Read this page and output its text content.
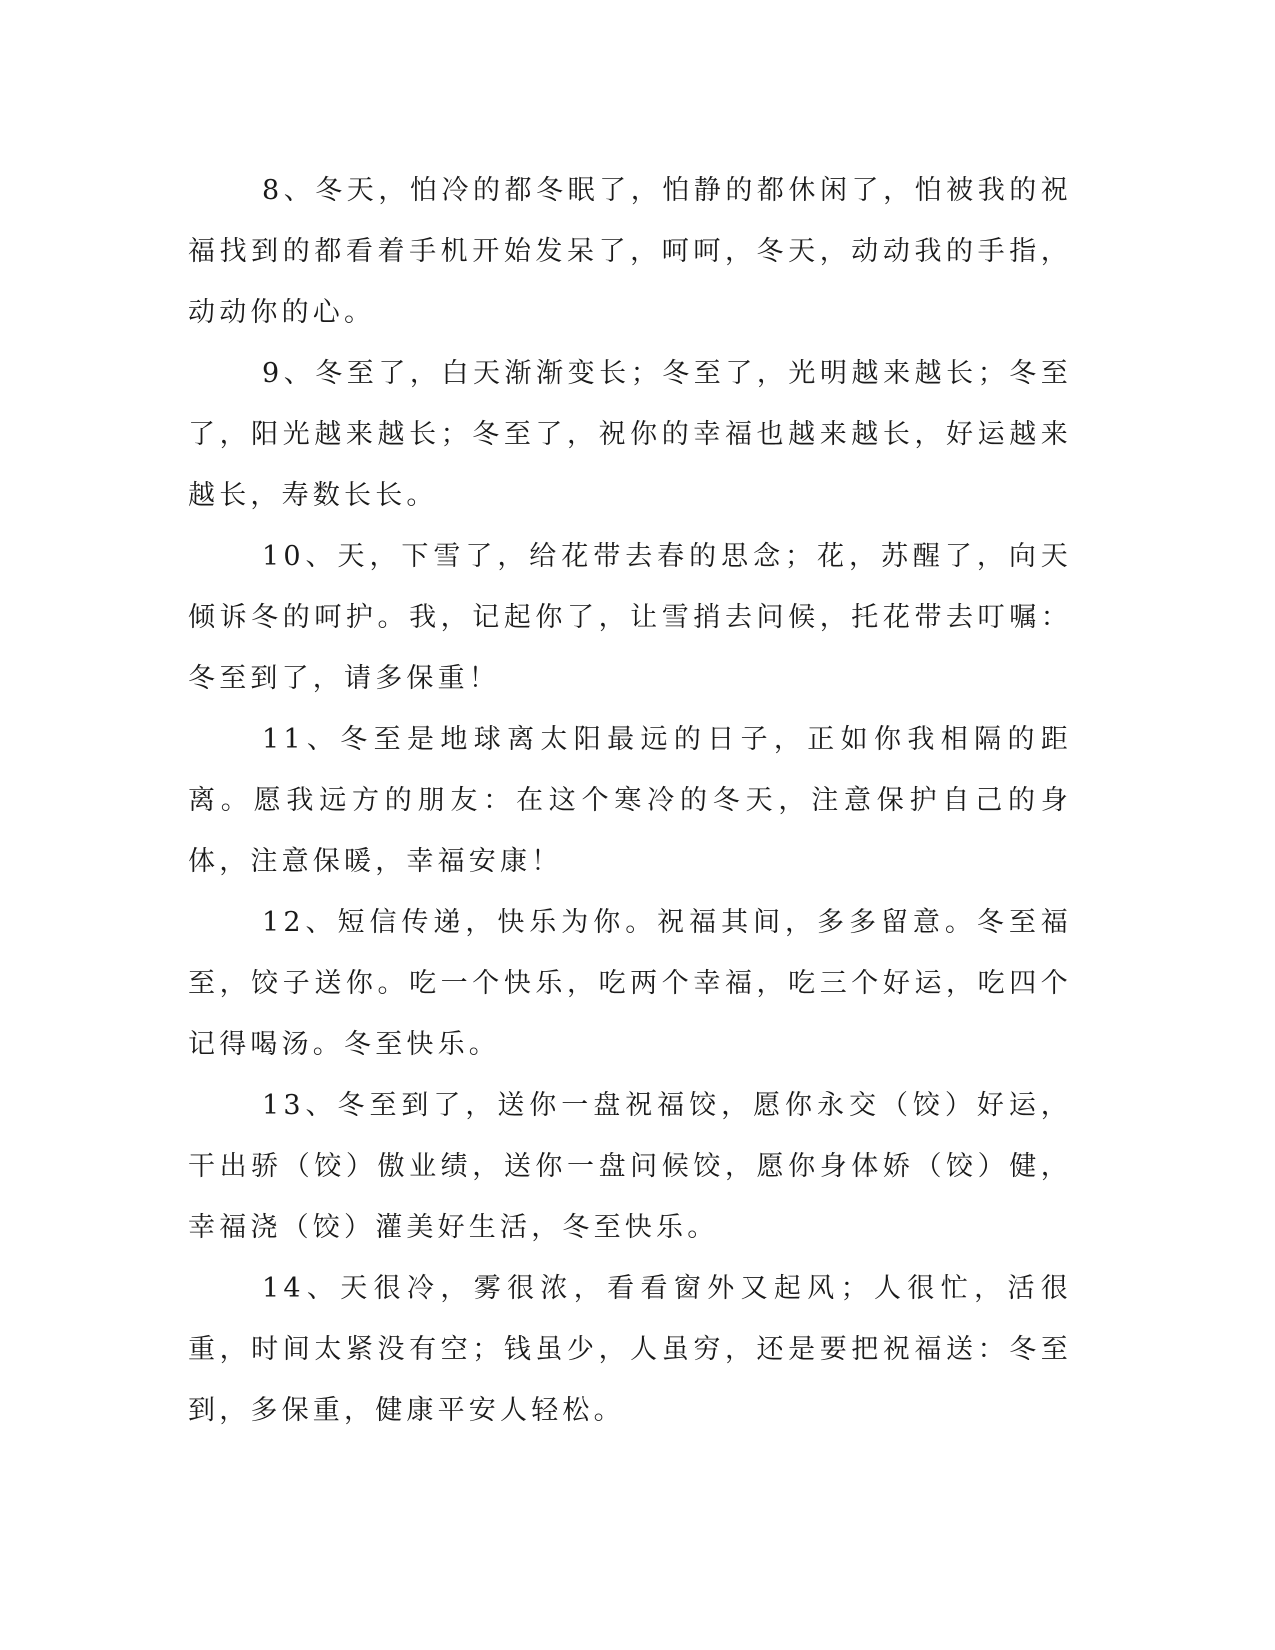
8、冬天，怕冷的都冬眠了，怕静的都休闲了，怕被我的祝福找到的都看着手机开始发呆了，呵呵，冬天，动动我的手指，动动你的心。

9、冬至了，白天渐渐变长；冬至了，光明越来越长；冬至了，阳光越来越长；冬至了，祝你的幸福也越来越长，好运越来越长，寿数长长。

10、天，下雪了，给花带去春的思念；花，苏醒了，向天倾诉冬的呵护。我，记起你了，让雪捎去问候，托花带去叮嘱：冬至到了，请多保重！

11、冬至是地球离太阳最远的日子，正如你我相隔的距离。愿我远方的朋友：在这个寒冷的冬天，注意保护自己的身体，注意保暖，幸福安康！

12、短信传递，快乐为你。祝福其间，多多留意。冬至福至，饺子送你。吃一个快乐，吃两个幸福，吃三个好运，吃四个记得喝汤。冬至快乐。

13、冬至到了，送你一盘祝福饺，愿你永交（饺）好运，干出骄（饺）傲业绩，送你一盘问候饺，愿你身体娇（饺）健，幸福浇（饺）灌美好生活，冬至快乐。

14、天很冷，雾很浓，看看窗外又起风；人很忙，活很重，时间太紧没有空；钱虽少，人虽穷，还是要把祝福送：冬至到，多保重，健康平安人轻松。
